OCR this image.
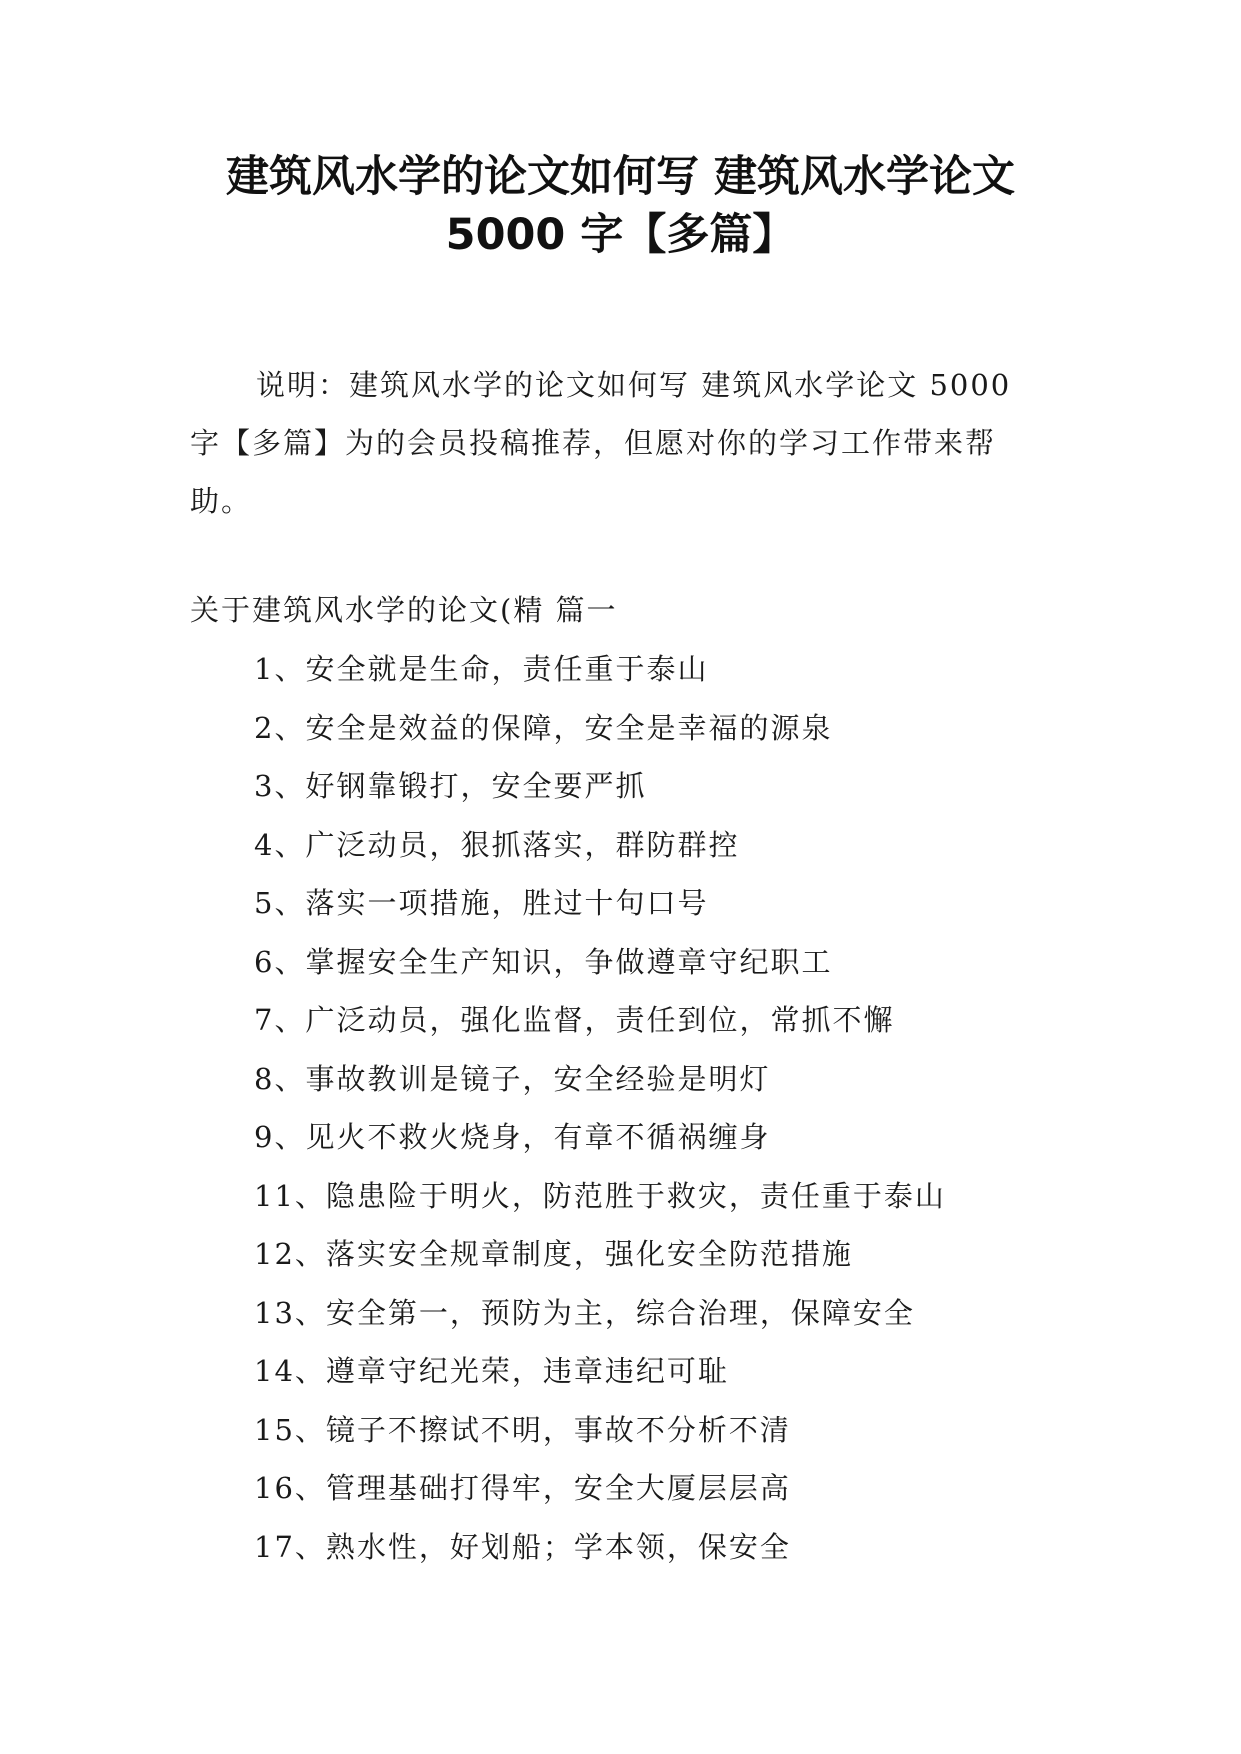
建筑风水学的论文如何写 建筑风水学论文
5000 字【多篇】

说明：建筑风水学的论文如何写 建筑风水学论文 5000 字【多篇】为的会员投稿推荐，但愿对你的学习工作带来帮助。

关于建筑风水学的论文(精 篇一

1、安全就是生命，责任重于泰山
2、安全是效益的保障，安全是幸福的源泉
3、好钢靠锻打，安全要严抓
4、广泛动员，狠抓落实，群防群控
5、落实一项措施，胜过十句口号
6、掌握安全生产知识，争做遵章守纪职工
7、广泛动员，强化监督，责任到位，常抓不懈
8、事故教训是镜子，安全经验是明灯
9、见火不救火烧身，有章不循祸缠身
11、隐患险于明火，防范胜于救灾，责任重于泰山
12、落实安全规章制度，强化安全防范措施
13、安全第一，预防为主，综合治理，保障安全
14、遵章守纪光荣，违章违纪可耻
15、镜子不擦试不明，事故不分析不清
16、管理基础打得牢，安全大厦层层高
17、熟水性，好划船；学本领，保安全
